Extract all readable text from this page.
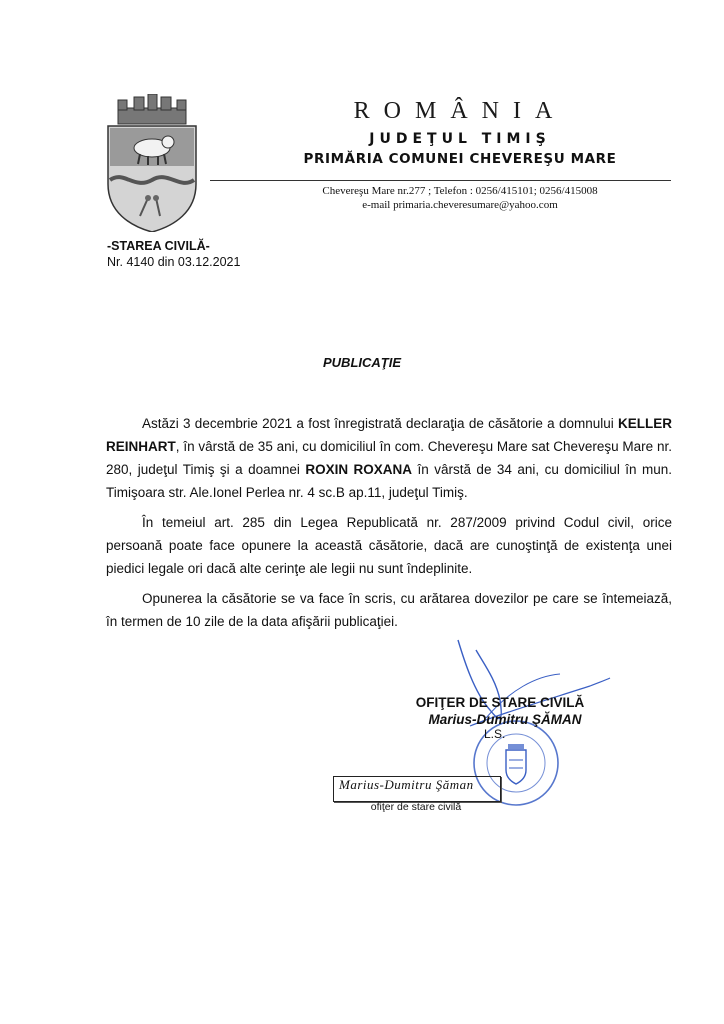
ROMÂNIA
JUDEŢUL TIMIŞ
PRIMĂRIA COMUNEI CHEVEREŞU MARE
Chevereşu Mare nr.277 ; Telefon : 0256/415101; 0256/415008
e-mail primaria.cheveresumare@yahoo.com
-STAREA CIVILĂ-
Nr. 4140 din 03.12.2021
PUBLICAŢIE

Astăzi 3 decembrie 2021 a fost înregistrată declaraţia de căsătorie a domnului KELLER REINHART, în vârstă de 35 ani, cu domiciliul în com. Chevereşu Mare sat Chevereşu Mare nr. 280, judeţul Timiş şi a doamnei ROXIN ROXANA în vârstă de 34 ani, cu domiciliul în mun. Timişoara str. Ale.Ionel Perlea nr. 4 sc.B ap.11, judeţul Timiş.

În temeiul art. 285 din Legea Republicată nr. 287/2009 privind Codul civil, orice persoană poate face opunere la această căsătorie, dacă are cunoştinţă de existenţa unei piedici legale ori dacă alte cerinţe ale legii nu sunt îndeplinite.

Opunerea la căsătorie se va face în scris, cu arătarea dovezilor pe care se întemeiază, în termen de 10 zile de la data afişării publicaţiei.

OFIŢER DE STARE CIVILĂ
Marius-Dumitru ŞĂMAN
L.S.
Marius-Dumitru Şăman
ofiţer de stare civilă
